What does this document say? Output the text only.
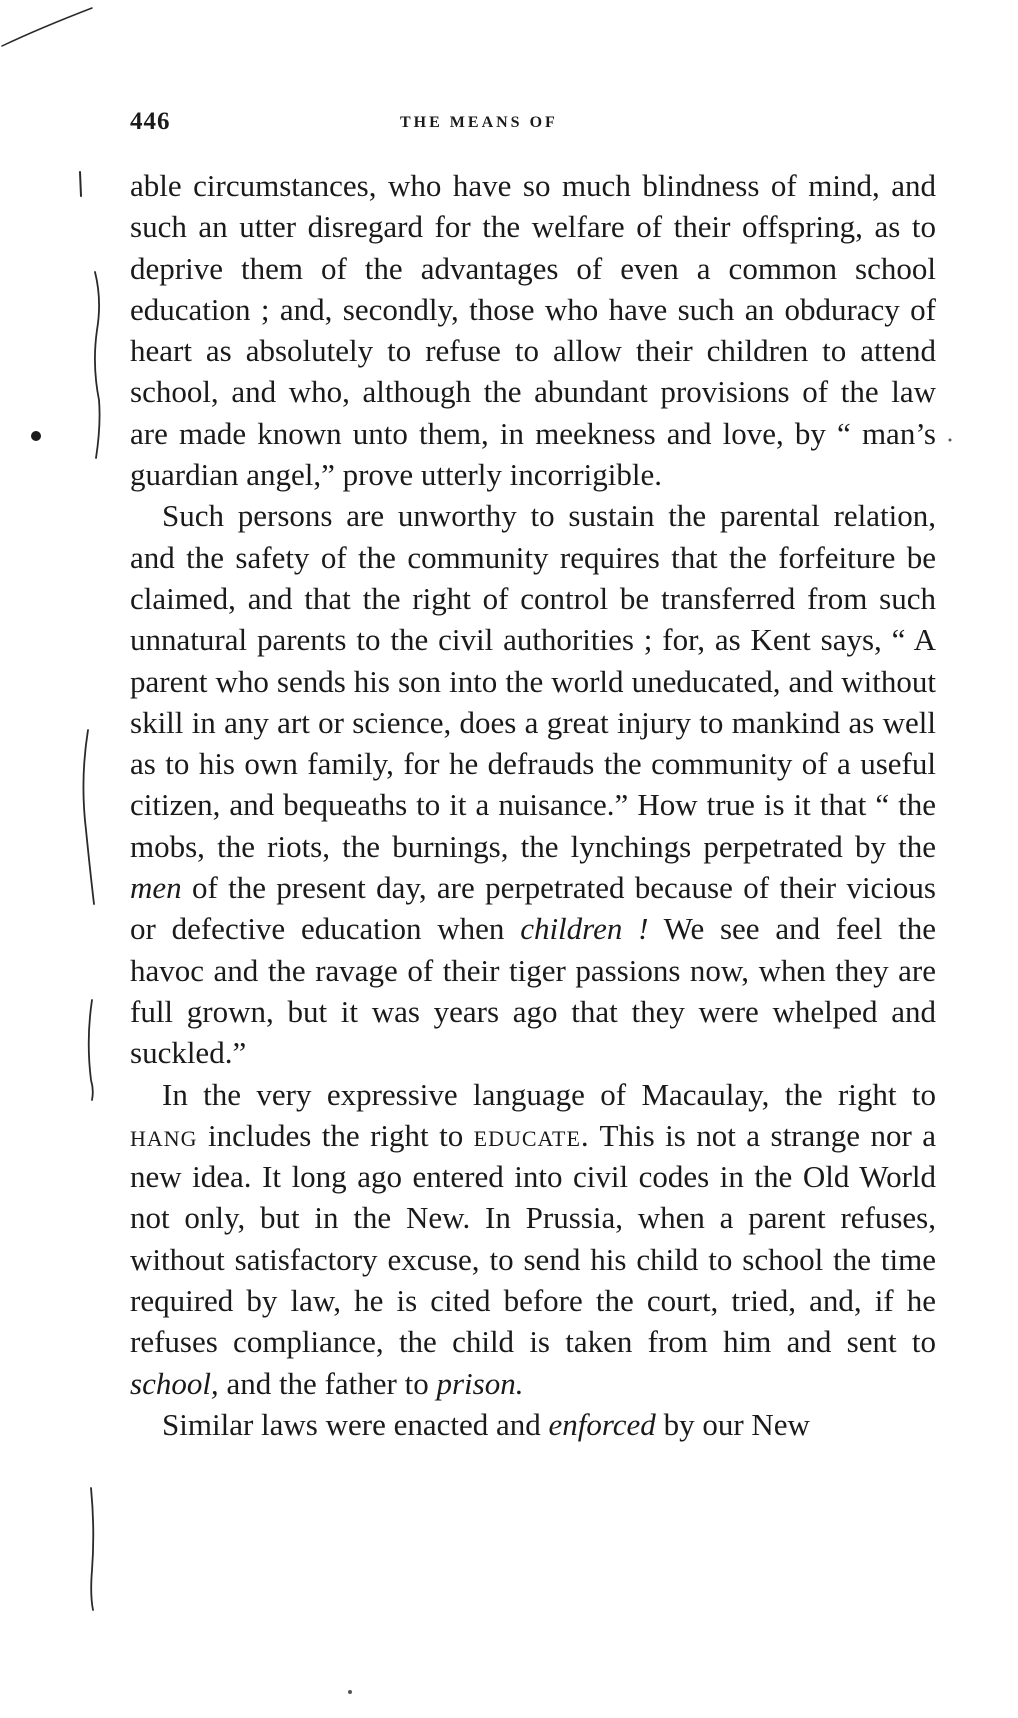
446	THE MEANS OF

able circumstances, who have so much blindness of mind, and such an utter disregard for the welfare of their offspring, as to deprive them of the advantages of even a common school education ; and, secondly, those who have such an obduracy of heart as absolutely to refuse to allow their children to attend school, and who, although the abundant provisions of the law are made known unto them, in meekness and love, by “ man’s guardian angel,” prove utterly incorrigible.

Such persons are unworthy to sustain the parental relation, and the safety of the community requires that the forfeiture be claimed, and that the right of control be transferred from such unnatural parents to the civil authorities ; for, as Kent says, “ A parent who sends his son into the world uneducated, and without skill in any art or science, does a great injury to mankind as well as to his own family, for he defrauds the community of a useful citizen, and bequeaths to it a nuisance.” How true is it that “ the mobs, the riots, the burnings, the lynchings perpetrated by the men of the present day, are perpetrated because of their vicious or defective education when children ! We see and feel the havoc and the ravage of their tiger passions now, when they are full grown, but it was years ago that they were whelped and suckled.”

In the very expressive language of Macaulay, the right to hang includes the right to educate. This is not a strange nor a new idea. It long ago entered into civil codes in the Old World not only, but in the New. In Prussia, when a parent refuses, without satisfactory excuse, to send his child to school the time required by law, he is cited before the court, tried, and, if he refuses compliance, the child is taken from him and sent to school, and the father to prison.

Similar laws were enacted and enforced by our New
